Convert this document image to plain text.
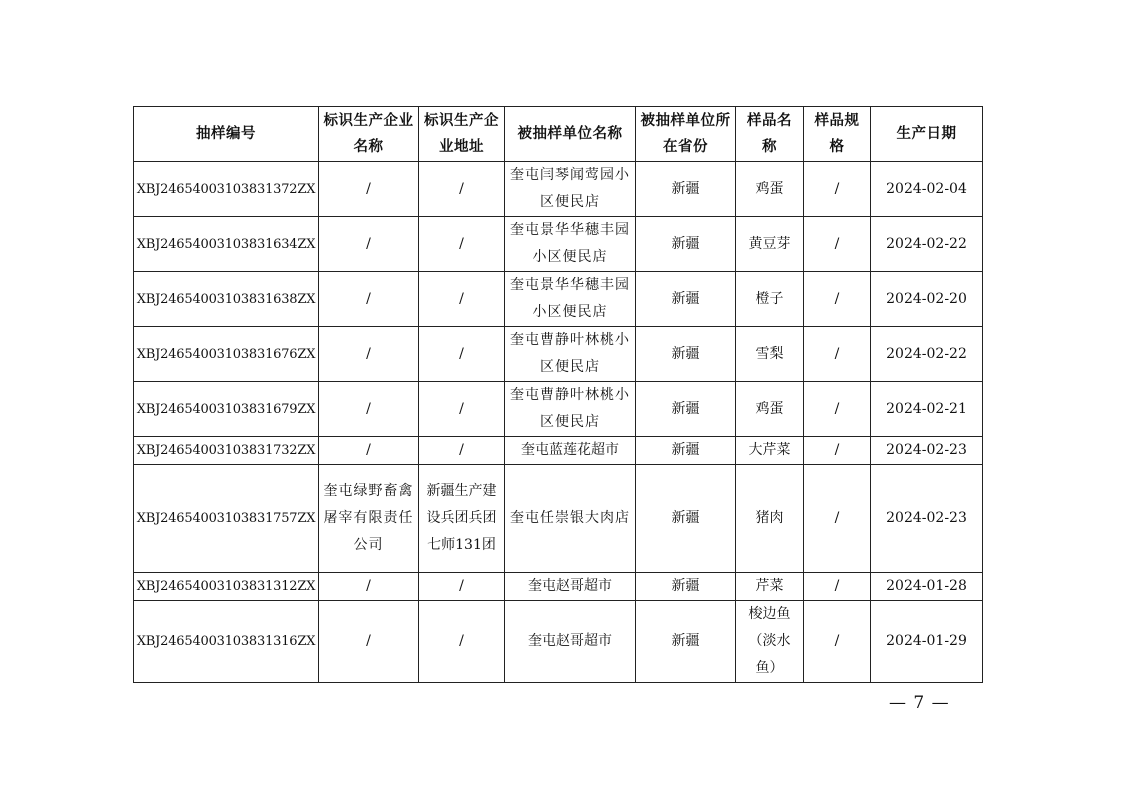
抽样编号	标识生产企业名称	标识生产企业地址	被抽样单位名称	被抽样单位所在省份	样品名称	样品规格	生产日期
XBJ24654003103831372ZX	/	/	奎屯闫琴闻莺园小区便民店	新疆	鸡蛋	/	2024-02-04
XBJ24654003103831634ZX	/	/	奎屯景华华穗丰园小区便民店	新疆	黄豆芽	/	2024-02-22
XBJ24654003103831638ZX	/	/	奎屯景华华穗丰园小区便民店	新疆	橙子	/	2024-02-20
XBJ24654003103831676ZX	/	/	奎屯曹静叶林桃小区便民店	新疆	雪梨	/	2024-02-22
XBJ24654003103831679ZX	/	/	奎屯曹静叶林桃小区便民店	新疆	鸡蛋	/	2024-02-21
XBJ24654003103831732ZX	/	/	奎屯蓝莲花超市	新疆	大芹菜	/	2024-02-23
XBJ24654003103831757ZX	奎屯绿野畜禽屠宰有限责任公司	新疆生产建设兵团兵团七师131团	奎屯任崇银大肉店	新疆	猪肉	/	2024-02-23
XBJ24654003103831312ZX	/	/	奎屯赵哥超市	新疆	芹菜	/	2024-01-28
XBJ24654003103831316ZX	/	/	奎屯赵哥超市	新疆	梭边鱼（淡水鱼）	/	2024-01-29
— 7 —
